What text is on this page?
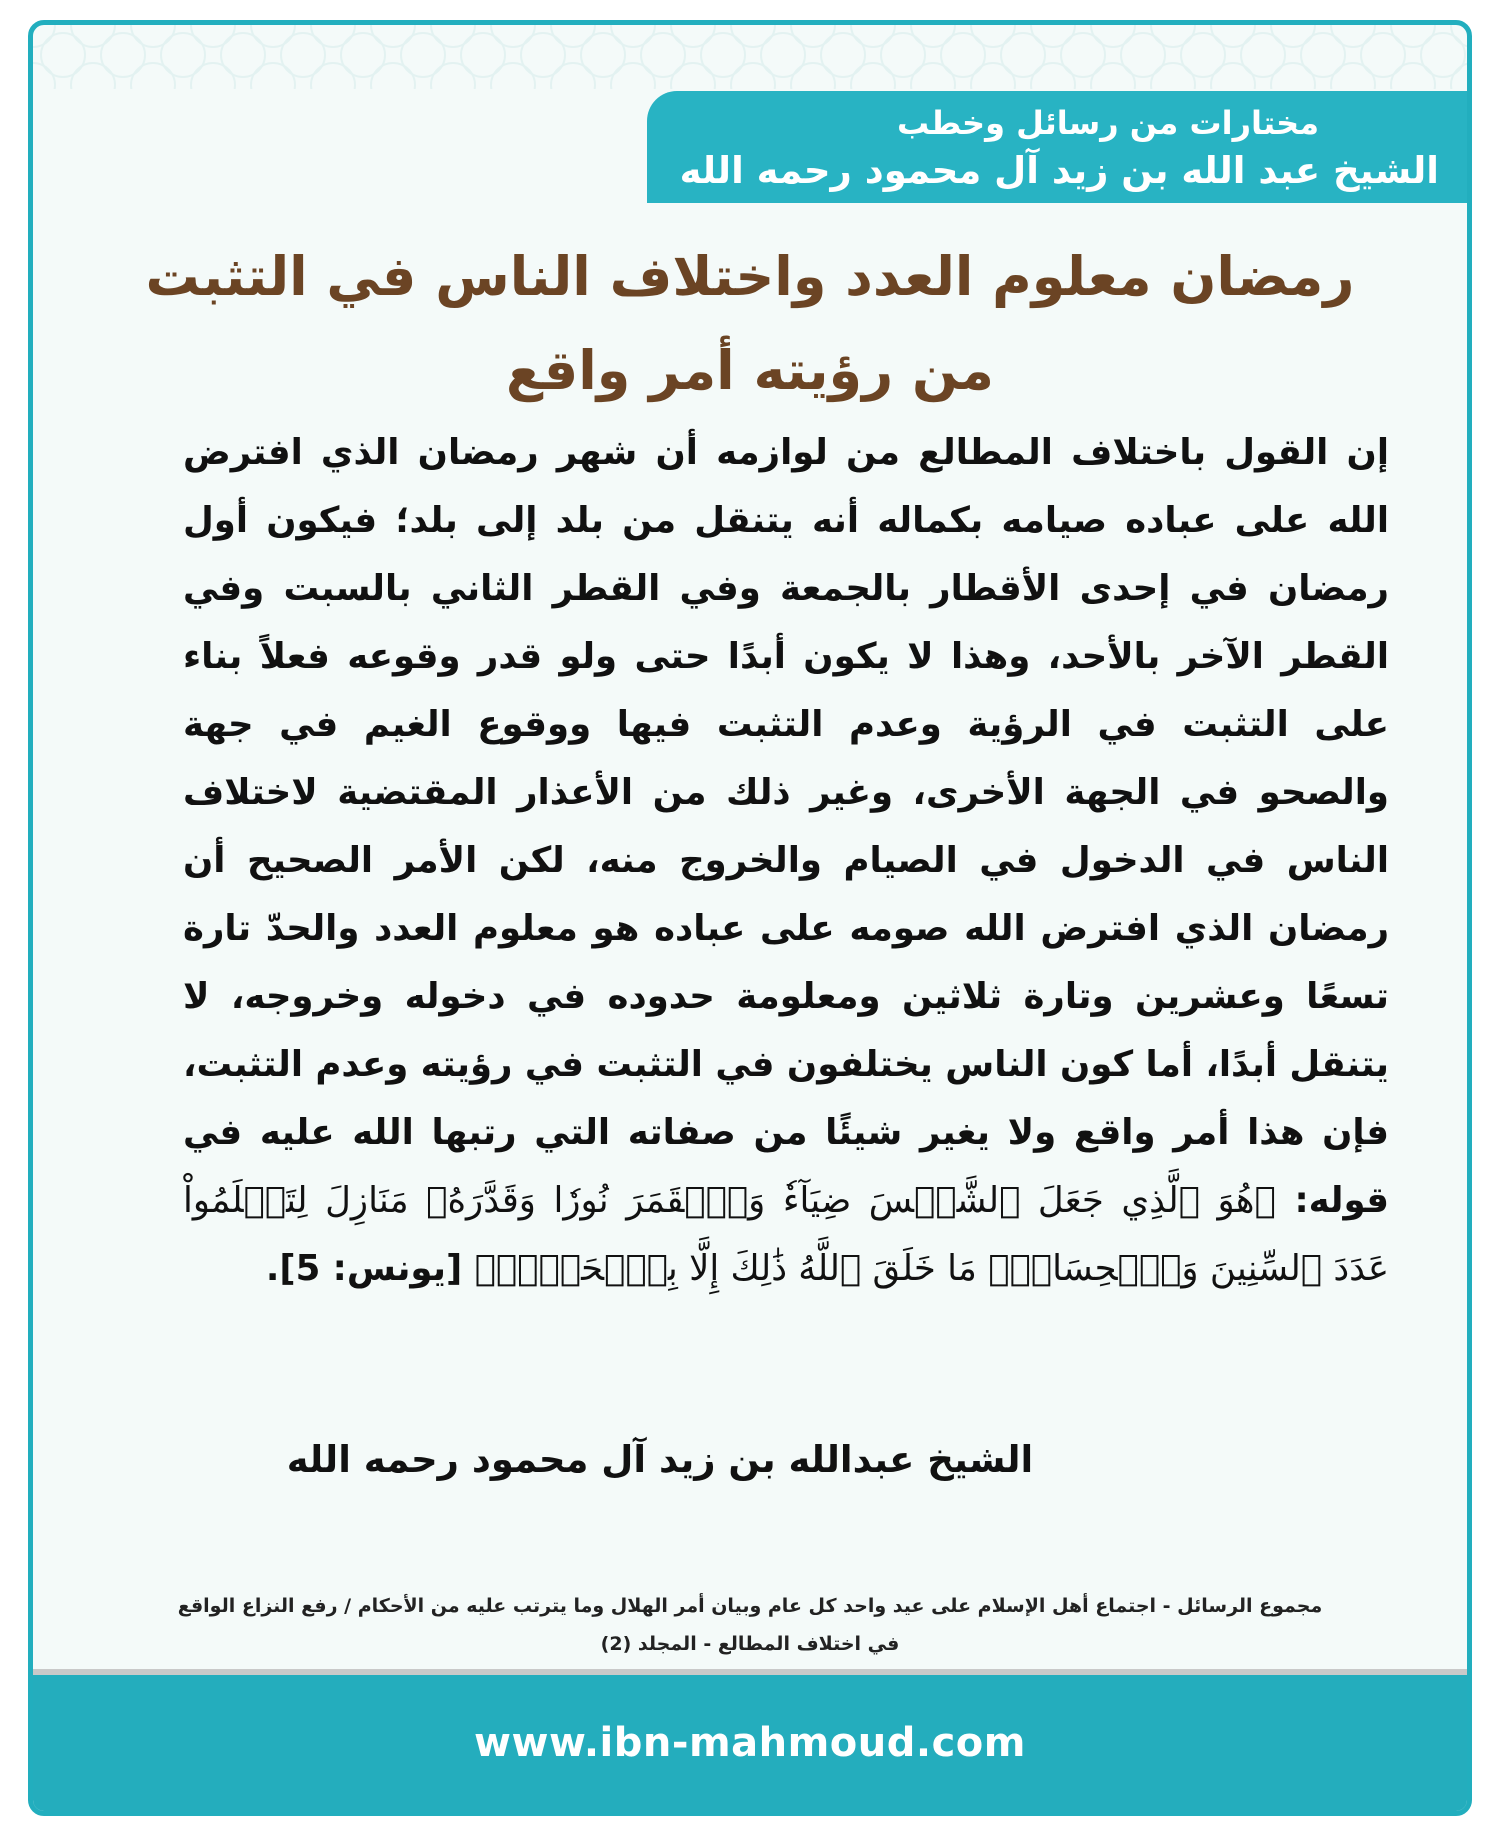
مختارات من رسائل وخطب
الشيخ عبد الله بن زيد آل محمود رحمه الله
رمضان معلوم العدد واختلاف الناس في التثبت
من رؤيته أمر واقع
إن القول باختلاف المطالع من لوازمه أن شهر رمضان الذي افترض الله على عباده صيامه بكماله أنه يتنقل من بلد إلى بلد؛ فيكون أول رمضان في إحدى الأقطار بالجمعة وفي القطر الثاني بالسبت وفي القطر الآخر بالأحد، وهذا لا يكون أبدًا حتى ولو قدر وقوعه فعلاً بناء على التثبت في الرؤية وعدم التثبت فيها ووقوع الغيم في جهة والصحو في الجهة الأخرى، وغير ذلك من الأعذار المقتضية لاختلاف الناس في الدخول في الصيام والخروج منه، لكن الأمر الصحيح أن رمضان الذي افترض الله صومه على عباده هو معلوم العدد والحدّ تارة تسعًا وعشرين وتارة ثلاثين ومعلومة حدوده في دخوله وخروجه، لا يتنقل أبدًا، أما كون الناس يختلفون في التثبت في رؤيته وعدم التثبت، فإن هذا أمر واقع ولا يغير شيئًا من صفاته التي رتبها الله عليه في قوله: ﴿هُوَ ٱلَّذِي جَعَلَ ٱلشَّمۡسَ ضِيَآءٗ وَٱلۡقَمَرَ نُورٗا وَقَدَّرَهُۥ مَنَازِلَ لِتَعۡلَمُواْ عَدَدَ ٱلسِّنِينَ وَٱلۡحِسَابَۚ مَا خَلَقَ ٱللَّهُ ذَٰلِكَ إِلَّا بِٱلۡحَقِّۚ﴾ [يونس: 5].
الشيخ عبدالله بن زيد آل محمود رحمه الله
مجموع الرسائل - اجتماع أهل الإسلام على عيد واحد كل عام وبيان أمر الهلال وما يترتب عليه من الأحكام / رفع النزاع الواقع
في اختلاف المطالع - المجلد (2)
www.ibn-mahmoud.com
